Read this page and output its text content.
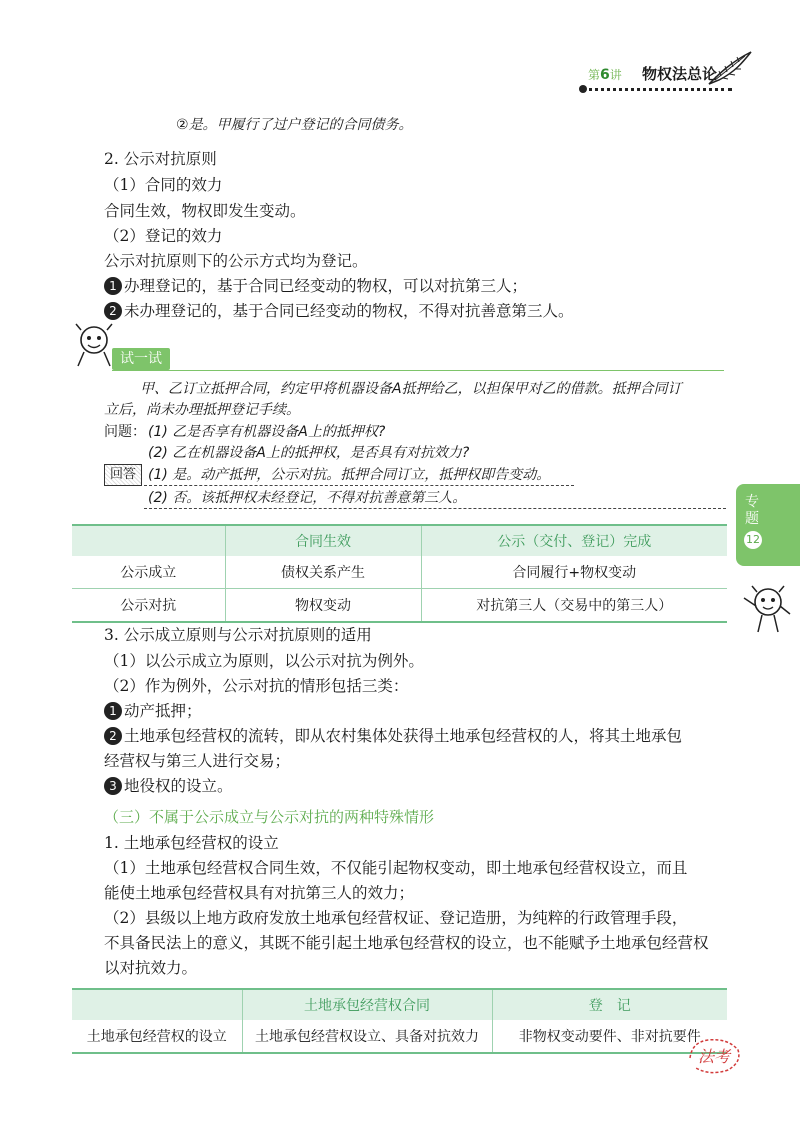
第6讲 物权法总论
②是。甲履行了过户登记的合同债务。
2. 公示对抗原则
（1）合同的效力
合同生效，物权即发生变动。
（2）登记的效力
公示对抗原则下的公示方式均为登记。
1 办理登记的，基于合同已经变动的物权，可以对抗第三人；
2 未办理登记的，基于合同已经变动的物权，不得对抗善意第三人。
试一试
甲、乙订立抵押合同，约定甲将机器设备A抵押给乙，以担保甲对乙的借款。抵押合同订
立后，尚未办理抵押登记手续。
问题： (1) 乙是否享有机器设备A上的抵押权?
(2) 乙在机器设备A上的抵押权，是否具有对抗效力?
回答 (1) 是。动产抵押，公示对抗。抵押合同订立，抵押权即告变动。
(2) 否。该抵押权未经登记，不得对抗善意第三人。
	合同生效	公示（交付、登记）完成
公示成立	债权关系产生	合同履行+物权变动
公示对抗	物权变动	对抗第三人（交易中的第三人）
专题
12
3. 公示成立原则与公示对抗原则的适用
（1）以公示成立为原则，以公示对抗为例外。
（2）作为例外，公示对抗的情形包括三类：
1 动产抵押；
2 土地承包经营权的流转，即从农村集体处获得土地承包经营权的人，将其土地承包
经营权与第三人进行交易；
3 地役权的设立。
（三）不属于公示成立与公示对抗的两种特殊情形
1. 土地承包经营权的设立
（1）土地承包经营权合同生效，不仅能引起物权变动，即土地承包经营权设立，而且
能使土地承包经营权具有对抗第三人的效力；
（2）县级以上地方政府发放土地承包经营权证、登记造册，为纯粹的行政管理手段，
不具备民法上的意义，其既不能引起土地承包经营权的设立，也不能赋予土地承包经营权
以对抗效力。
	土地承包经营权合同	登　记
土地承包经营权的设立	土地承包经营权设立、具备对抗效力	非物权变动要件、非对抗要件
法考
